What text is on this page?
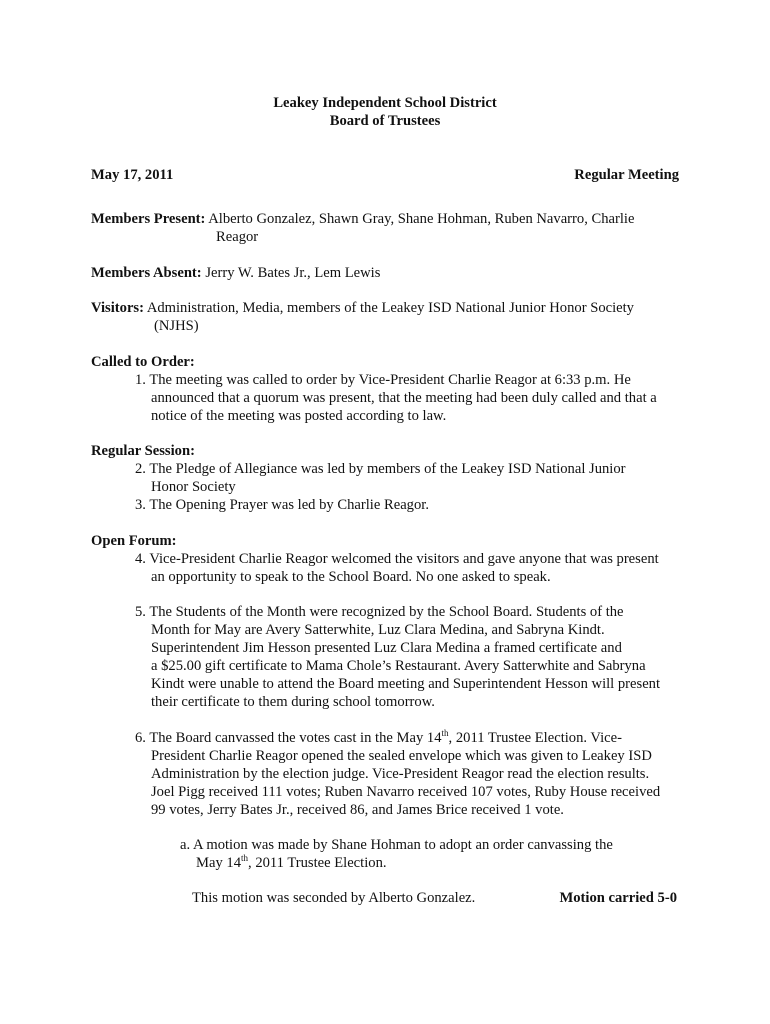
Leakey Independent School District
Board of Trustees
May 17, 2011	Regular Meeting
Members Present: Alberto Gonzalez, Shawn Gray, Shane Hohman, Ruben Navarro, Charlie
Reagor
Members Absent: Jerry W. Bates Jr., Lem Lewis
Visitors: Administration, Media, members of the Leakey ISD National Junior Honor Society
(NJHS)
Called to Order:
1. The meeting was called to order by Vice-President Charlie Reagor at 6:33 p.m. He
announced that a quorum was present, that the meeting had been duly called and that a
notice of the meeting was posted according to law.
Regular Session:
2. The Pledge of Allegiance was led by members of the Leakey ISD National Junior
Honor Society
3. The Opening Prayer was led by Charlie Reagor.
Open Forum:
4. Vice-President Charlie Reagor welcomed the visitors and gave anyone that was present
an opportunity to speak to the School Board. No one asked to speak.
5. The Students of the Month were recognized by the School Board. Students of the
Month for May are Avery Satterwhite, Luz Clara Medina, and Sabryna Kindt.
Superintendent Jim Hesson presented Luz Clara Medina a framed certificate and
a $25.00 gift certificate to Mama Chole’s Restaurant. Avery Satterwhite and Sabryna
Kindt were unable to attend the Board meeting and Superintendent Hesson will present
their certificate to them during school tomorrow.
6. The Board canvassed the votes cast in the May 14th, 2011 Trustee Election. Vice-
President Charlie Reagor opened the sealed envelope which was given to Leakey ISD
Administration by the election judge. Vice-President Reagor read the election results.
Joel Pigg received 111 votes; Ruben Navarro received 107 votes, Ruby House received
99 votes, Jerry Bates Jr., received 86, and James Brice received 1 vote.
a. A motion was made by Shane Hohman to adopt an order canvassing the
May 14th, 2011 Trustee Election.
This motion was seconded by Alberto Gonzalez.	Motion carried 5-0
